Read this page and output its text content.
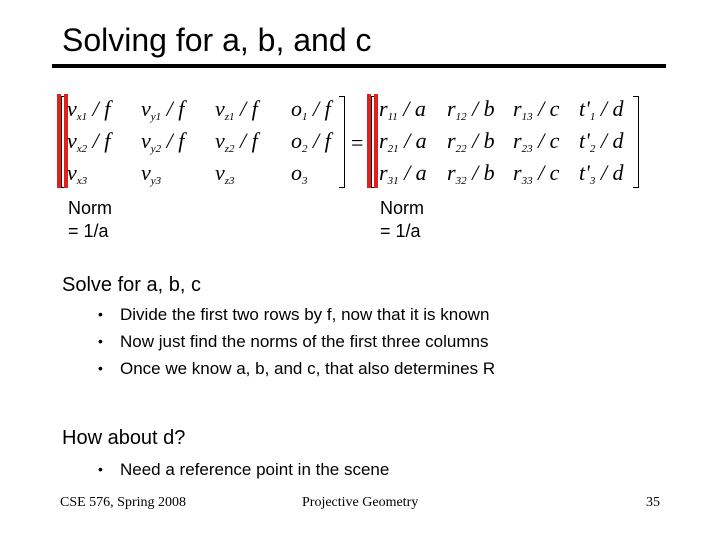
Solving for a, b, and c
=
$v_{x1}$ / f $v_{y1}$ / f $v_{z1}$ / f $o_1$ / f
$v_{x2}$ / f $v_{y2}$ / f $v_{z2}$ / f $o_2$ / f
$v_{x3}$ $v_{y3}$ $v_{z3}$	$o_3$
$r_{11}$ / a $r_{12}$ / b $r_{13}$ / c $t'_1$ / d
$r_{21}$ / a $r_{22}$ / b $r_{23}$ / c $t'_2$ / d
$r_{31}$ / a $r_{32}$ / b $r_{33}$ / c $t'_3$ / d
Norm
= 1/a
Norm
= 1/a
Solve for a, b, c
• Divide the first two rows by f, now that it is known
• Now just find the norms of the first three columns
• Once we know a, b, and c, that also determines R
How about d?
• Need a reference point in the scene
CSE 576, Spring 2008	Projective Geometry	35
